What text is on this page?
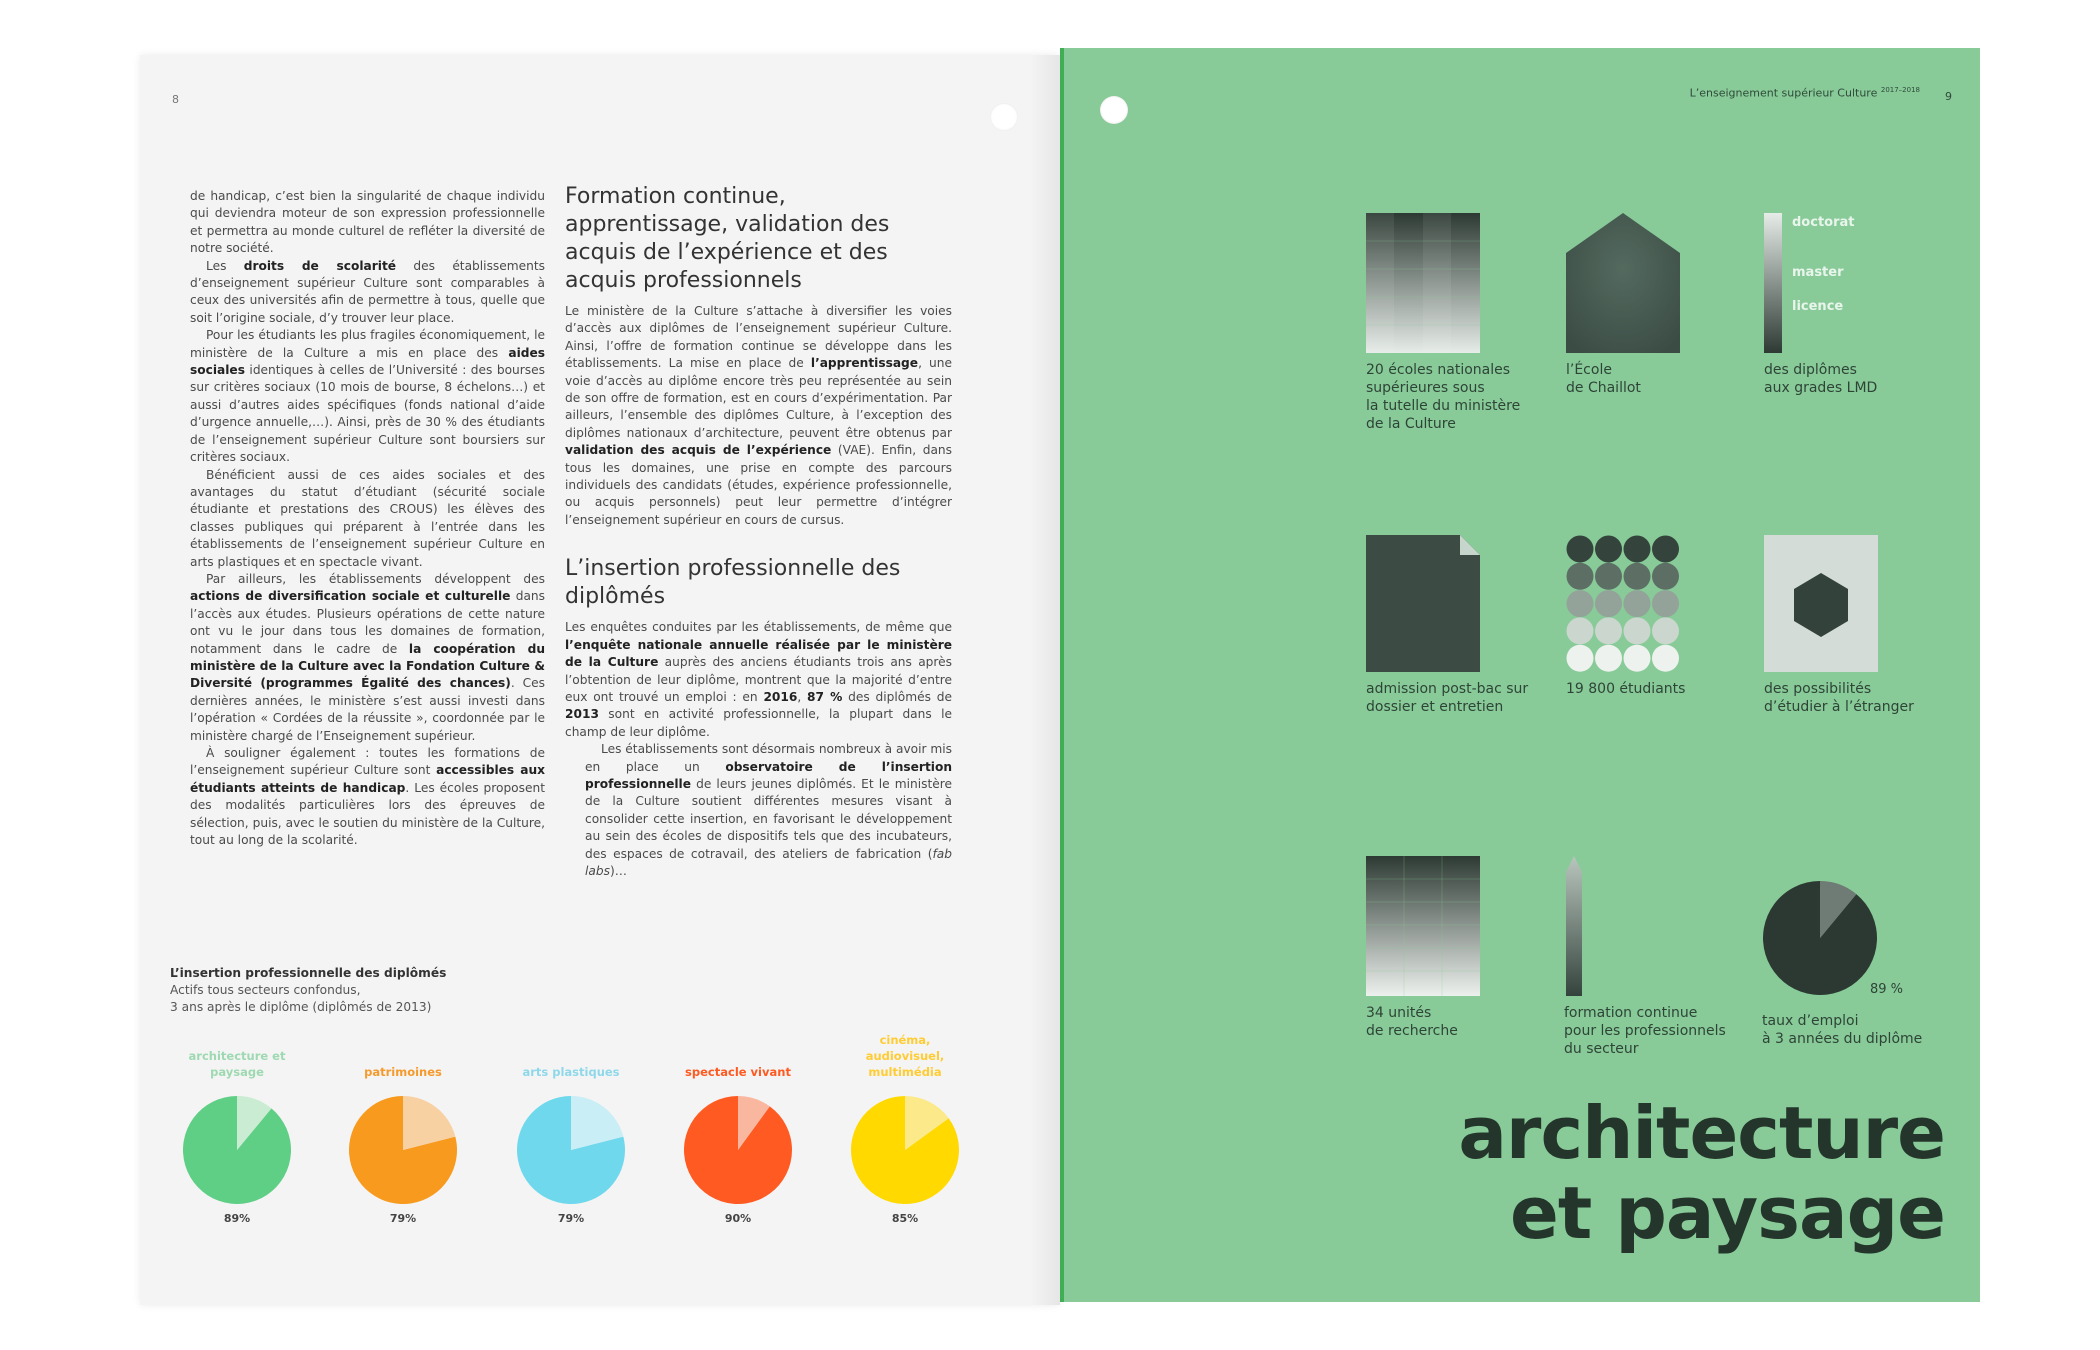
8

de handicap, c’est bien la singularité de chaque individu qui deviendra moteur de son expression professionnelle et permettra au monde culturel de refléter la diversité de notre société.

Les droits de scolarité des établissements d’enseignement supérieur Culture sont comparables à ceux des universités afin de permettre à tous, quelle que soit l’origine sociale, d’y trouver leur place.

Pour les étudiants les plus fragiles économiquement, le ministère de la Culture a mis en place des aides sociales identiques à celles de l’Université : des bourses sur critères sociaux (10 mois de bourse, 8 échelons…) et aussi d’autres aides spécifiques (fonds national d’aide d’urgence annuelle,…). Ainsi, près de 30 % des étudiants de l’enseignement supérieur Culture sont boursiers sur critères sociaux.

Bénéficient aussi de ces aides sociales et des avantages du statut d’étudiant (sécurité sociale étudiante et prestations des CROUS) les élèves des classes publiques qui préparent à l’entrée dans les établissements de l’enseignement supérieur Culture en arts plastiques et en spectacle vivant.

Par ailleurs, les établissements développent des actions de diversification sociale et culturelle dans l’accès aux études. Plusieurs opérations de cette nature ont vu le jour dans tous les domaines de formation, notamment dans le cadre de la coopération du ministère de la Culture avec la Fondation Culture & Diversité (programmes Égalité des chances). Ces dernières années, le ministère s’est aussi investi dans l’opération « Cordées de la réussite », coordonnée par le ministère chargé de l’Enseignement supérieur.

À souligner également : toutes les formations de l’enseignement supérieur Culture sont accessibles aux étudiants atteints de handicap. Les écoles proposent des modalités particulières lors des épreuves de sélection, puis, avec le soutien du ministère de la Culture, tout au long de la scolarité.

Formation continue, apprentissage, validation des acquis de l’expérience et des acquis professionnels

Le ministère de la Culture s’attache à diversifier les voies d’accès aux diplômes de l’enseignement supérieur Culture. Ainsi, l’offre de formation continue se développe dans les établissements. La mise en place de l’apprentissage, une voie d’accès au diplôme encore très peu représentée au sein de son offre de formation, est en cours d’expérimentation. Par ailleurs, l’ensemble des diplômes Culture, à l’exception des diplômes nationaux d’architecture, peuvent être obtenus par validation des acquis de l’expérience (VAE). Enfin, dans tous les domaines, une prise en compte des parcours individuels des candidats (études, expérience professionnelle, ou acquis personnels) peut leur permettre d’intégrer l’enseignement supérieur en cours de cursus.

L’insertion professionnelle des diplômés

Les enquêtes conduites par les établissements, de même que l’enquête nationale annuelle réalisée par le ministère de la Culture auprès des anciens étudiants trois ans après l’obtention de leur diplôme, montrent que la majorité d’entre eux ont trouvé un emploi : en 2016, 87 % des diplômés de 2013 sont en activité professionnelle, la plupart dans le champ de leur diplôme.

Les établissements sont désormais nombreux à avoir mis en place un observatoire de l’insertion professionnelle de leurs jeunes diplômés. Et le ministère de la Culture soutient différentes mesures visant à consolider cette insertion, en favorisant le développement au sein des écoles de dispositifs tels que des incubateurs, des espaces de cotravail, des ateliers de fabrication (fab labs)…

L’insertion professionnelle des diplômés
Actifs tous secteurs confondus,
3 ans après le diplôme (diplômés de 2013)
architecture et paysage
89%
patrimoines
79%
arts plastiques
79%
spectacle vivant
90%
cinéma, audiovisuel, multimédia
85%
L’enseignement supérieur Culture $^{2017-2018}$ 9
20 écoles nationales
supérieures sous
la tutelle du ministère
de la Culture
l’École
de Chaillot
des diplômes
aux grades LMD
doctorat
master
licence
admission post-bac sur
dossier et entretien
19 800 étudiants	des possibilités
d’étudier à l’étranger
34 unités
de recherche
formation continue
pour les professionnels
du secteur
taux d’emploi
à 3 années du diplôme
89 %
architecture
et paysage
